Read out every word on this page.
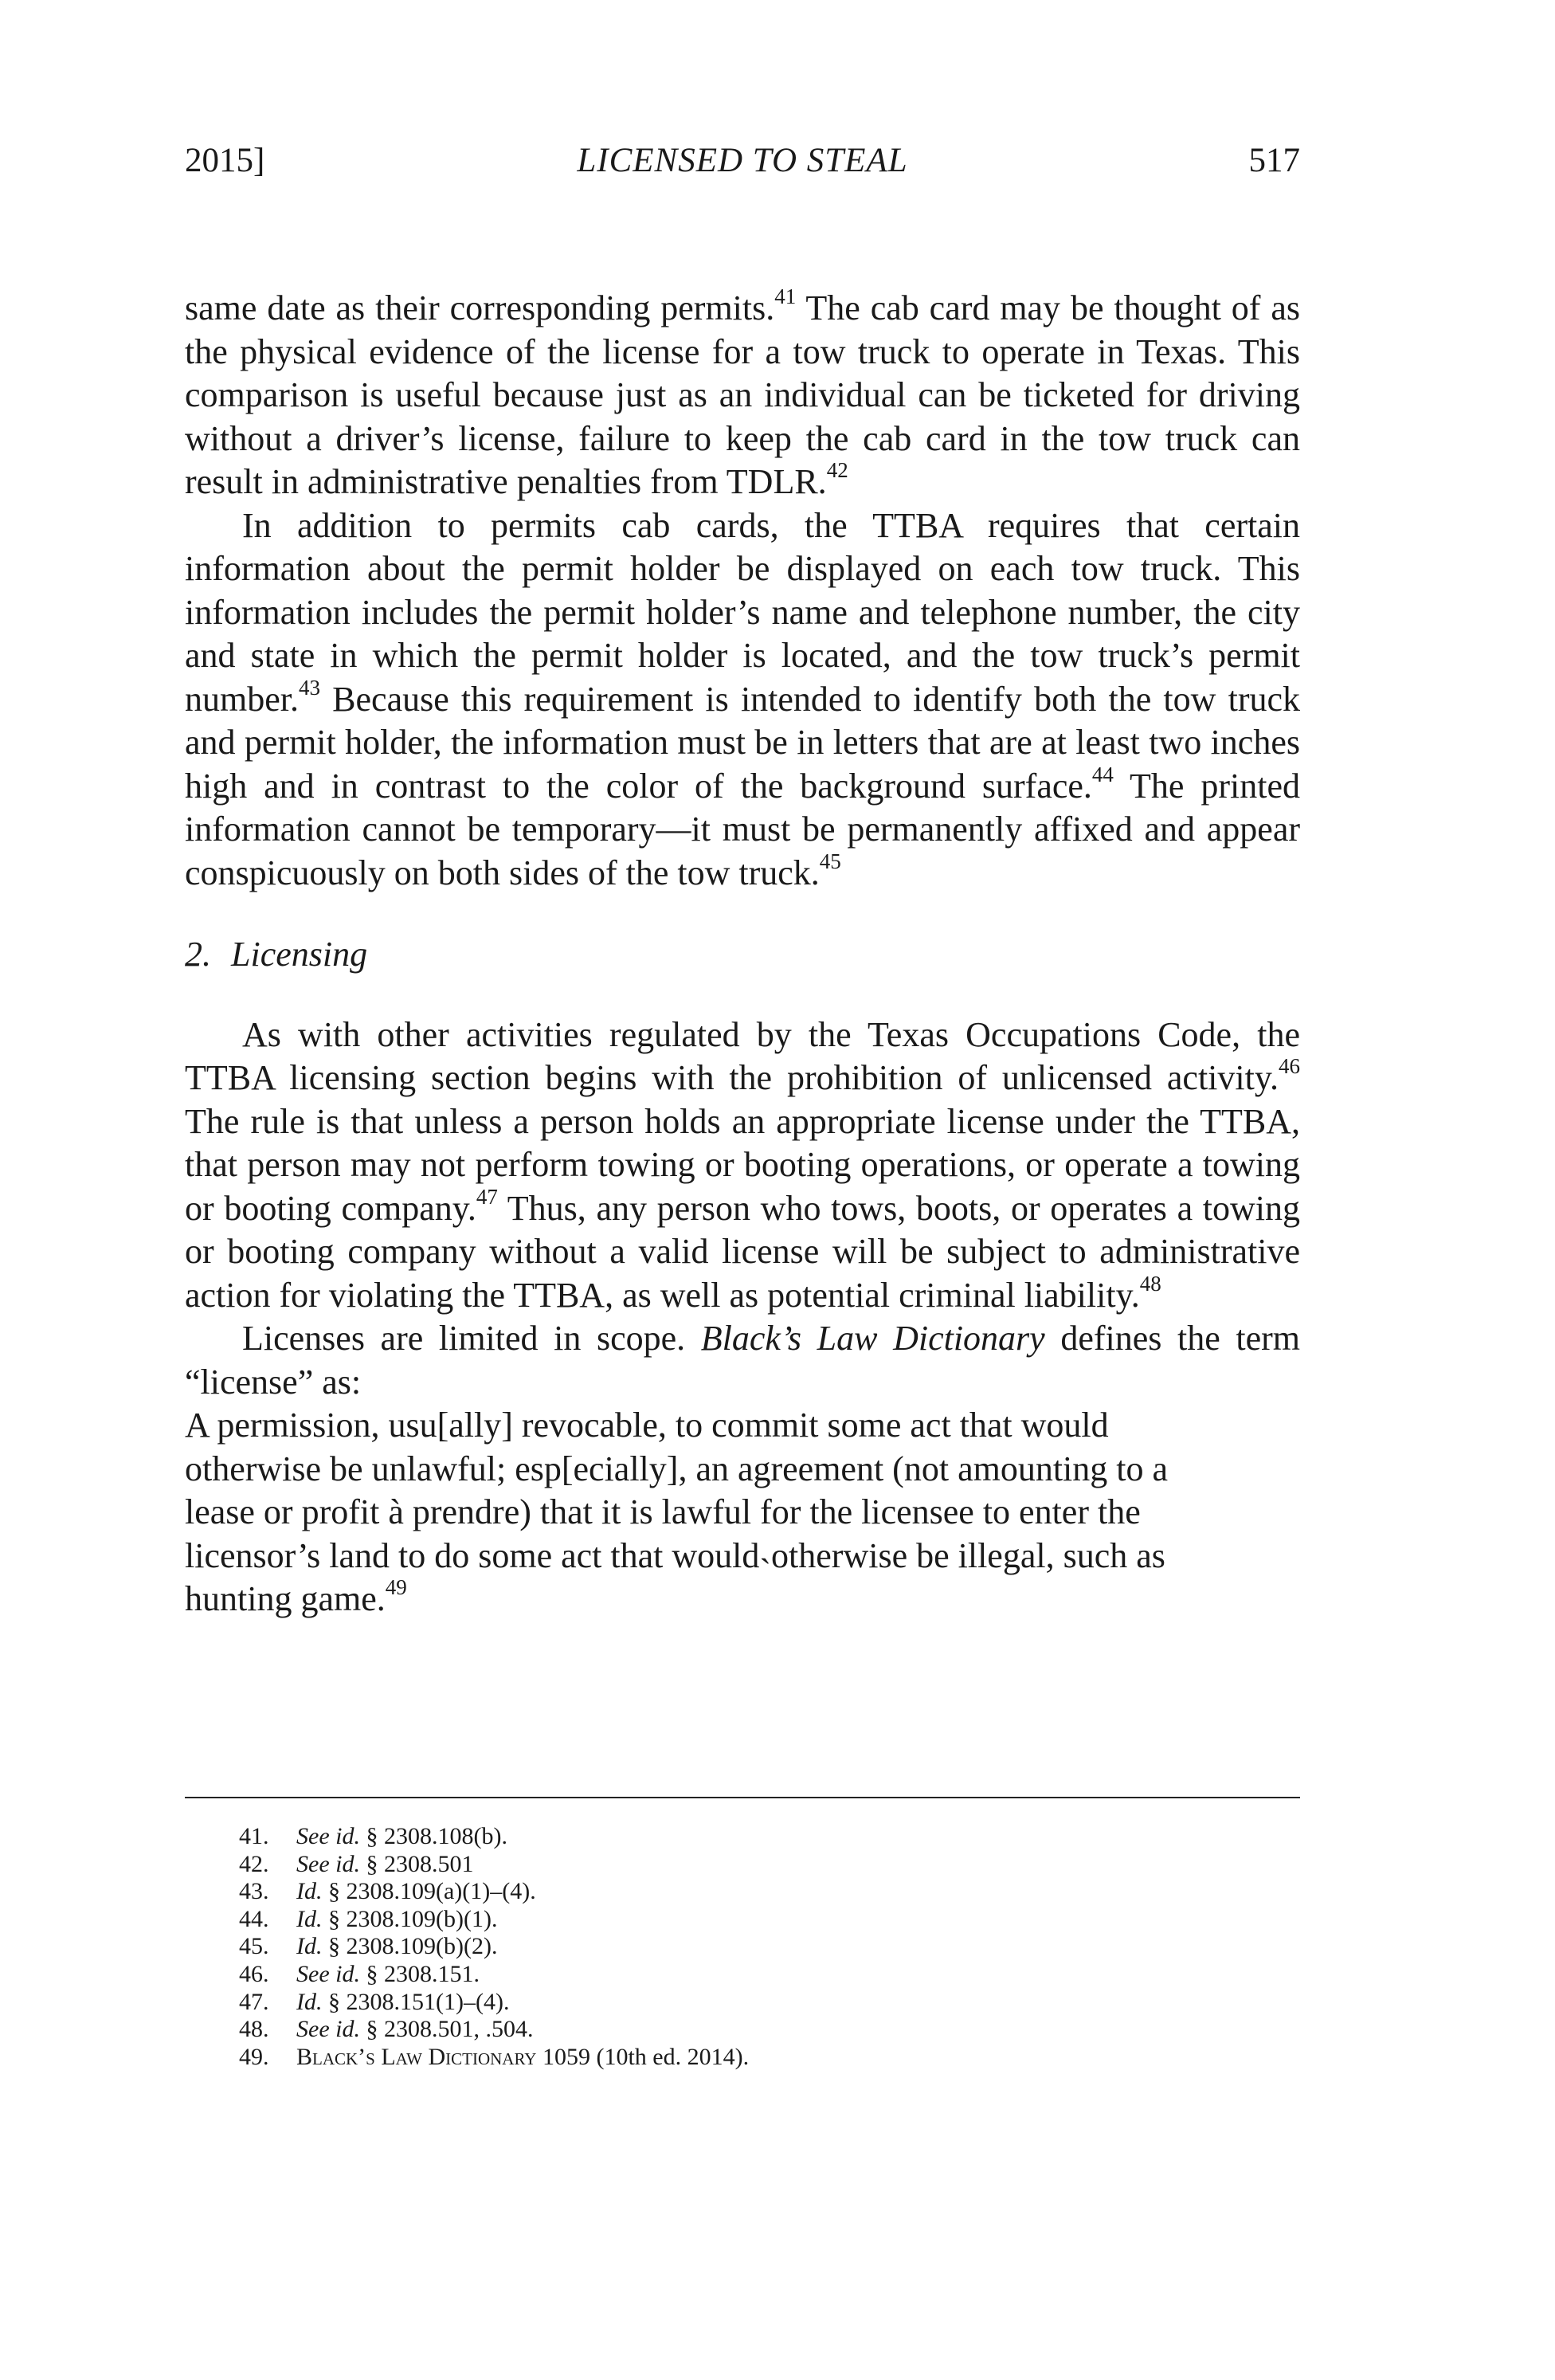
2015]	LICENSED TO STEAL	517

same date as their corresponding permits.$^{41}$ The cab card may be thought of as the physical evidence of the license for a tow truck to operate in Texas. This comparison is useful because just as an individual can be ticketed for driving without a driver’s license, failure to keep the cab card in the tow truck can result in administrative penalties from TDLR.$^{42}$

In addition to permits cab cards, the TTBA requires that certain information about the permit holder be displayed on each tow truck. This information includes the permit holder’s name and telephone number, the city and state in which the permit holder is located, and the tow truck’s permit number.$^{43}$ Because this requirement is intended to identify both the tow truck and permit holder, the information must be in letters that are at least two inches high and in contrast to the color of the background surface.$^{44}$ The printed information cannot be temporary—it must be permanently affixed and appear conspicuously on both sides of the tow truck.$^{45}$

2. Licensing

As with other activities regulated by the Texas Occupations Code, the TTBA licensing section begins with the prohibition of unlicensed activity.$^{46}$ The rule is that unless a person holds an appropriate license under the TTBA, that person may not perform towing or booting operations, or operate a towing or booting company.$^{47}$ Thus, any person who tows, boots, or operates a towing or booting company without a valid license will be subject to administrative action for violating the TTBA, as well as potential criminal liability.$^{48}$

Licenses are limited in scope. Black’s Law Dictionary defines the term “license” as:

A permission, usu[ally] revocable, to commit some act that would otherwise be unlawful; esp[ecially], an agreement (not amounting to a lease or profit à prendre) that it is lawful for the licensee to enter the licensor’s land to do some act that would˴otherwise be illegal, such as hunting game.$^{49}$

41.	See id. § 2308.108(b).
42.	See id. § 2308.501
43.	Id. § 2308.109(a)(1)–(4).
44.	Id. § 2308.109(b)(1).
45.	Id. § 2308.109(b)(2).
46.	See id. § 2308.151.
47.	Id. § 2308.151(1)–(4).
48.	See id. § 2308.501, .504.
49.	Black’s Law Dictionary 1059 (10th ed. 2014).
